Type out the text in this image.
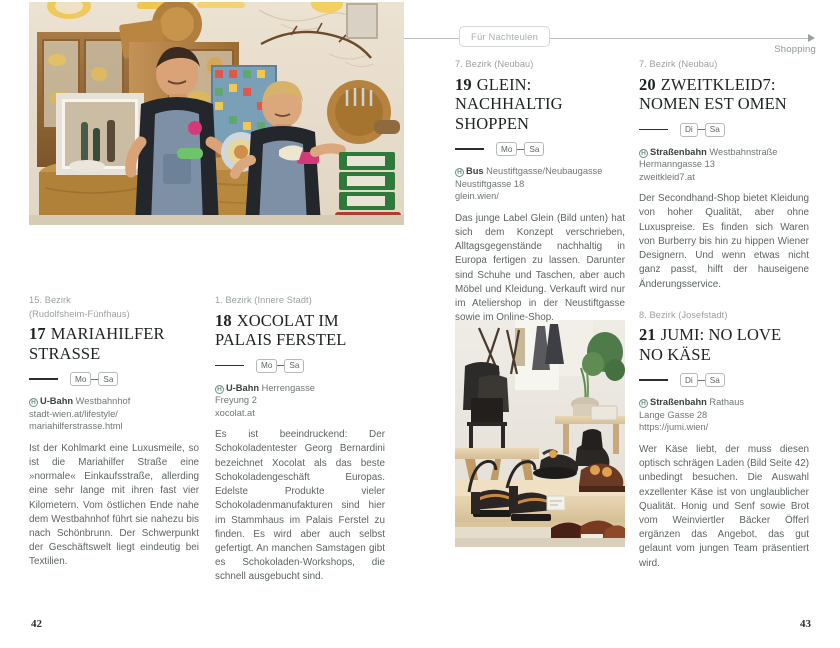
Für Nachteulen
Shopping
15. Bezirk
(Rudolfsheim-Fünfhaus)
17 MARIAHILFER STRASSE
Mo	Sa
H U-Bahn Westbahnhof
stadt-wien.at/lifestyle/ mariahilferstrasse.html
Ist der Kohlmarkt eine Luxusmeile, so ist die Mariahilfer Straße eine »normale« Einkaufsstraße, allerding eine sehr lange mit ihren fast vier Kilometern. Vom östlichen Ende nahe dem Westbahnhof führt sie nahezu bis nach Schönbrunn. Der Schwerpunkt der Geschäftswelt liegt eindeutig bei Textilien.
1. Bezirk (Innere Stadt)
18 XOCOLAT IM PALAIS FERSTEL
Mo	Sa
H U-Bahn Herrengasse
Freyung 2
xocolat.at
Es ist beeindruckend: Der Schokoladentester Georg Bernardini bezeichnet Xocolat als das beste Schokoladengeschäft Europas. Edelste Produkte vieler Schokoladenmanufakturen sind hier im Stammhaus im Palais Ferstel zu finden. Es wird aber auch selbst gefertigt. An manchen Samstagen gibt es Schokoladen-Workshops, die schnell ausgebucht sind.
7. Bezirk (Neubau)
19 GLEIN: NACHHALTIG SHOPPEN
Mo	Sa
H Bus Neustiftgasse/Neubaugasse
Neustiftgasse 18
glein.wien/
Das junge Label Glein (Bild unten) hat sich dem Konzept verschrieben, Alltagsgegenstände nachhaltig in Europa fertigen zu lassen. Darunter sind Schuhe und Taschen, aber auch Möbel und Kleidung. Verkauft wird nur im Ateliershop in der Neustiftgasse sowie im Online-Shop.
7. Bezirk (Neubau)
20 ZWEITKLEID7: NOMEN EST OMEN
Di	Sa
H Straßenbahn Westbahnstraße
Hermanngasse 13
zweitkleid7.at
Der Secondhand-Shop bietet Kleidung von hoher Qualität, aber ohne Luxuspreise. Es finden sich Waren von Burberry bis hin zu hippen Wiener Designern. Und wenn etwas nicht ganz passt, hilft der hauseigene Änderungsservice.
8. Bezirk (Josefstadt)
21 JUMI: NO LOVE NO KÄSE
Di	Sa
H Straßenbahn Rathaus
Lange Gasse 28
https://jumi.wien/
Wer Käse liebt, der muss diesen optisch schrägen Laden (Bild Seite 42) unbedingt besuchen. Die Auswahl exzellenter Käse ist von unglaublicher Qualität. Honig und Senf sowie Brot vom Weinviertler Bäcker Öfferl ergänzen das Angebot, das gut gelaunt vom jungen Team präsentiert wird.
42	43
